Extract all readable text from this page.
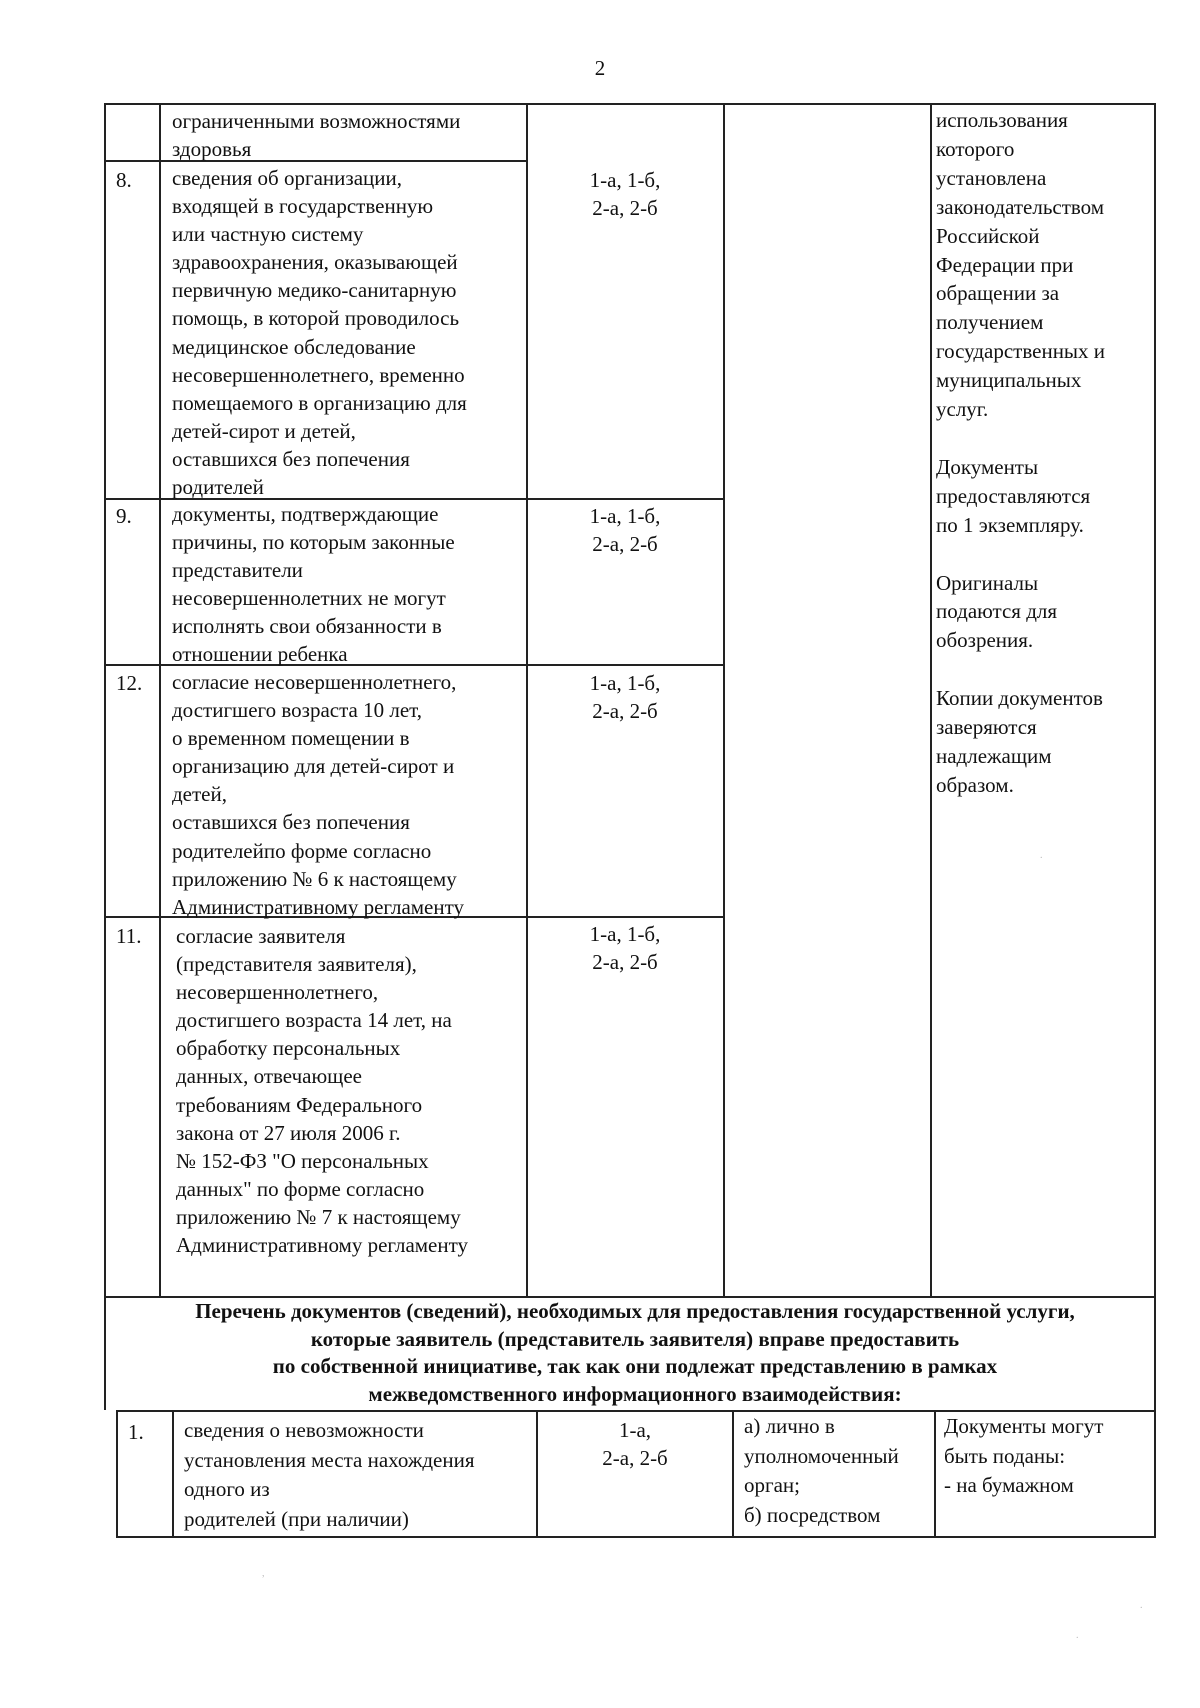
2
ограниченными возможностями
здоровья
8. сведения об организации,
входящей в государственную
или частную систему
здравоохранения, оказывающей
первичную медико-санитарную
помощь, в которой проводилось
медицинское обследование
несовершеннолетнего, временно
помещаемого в организацию для
детей-сирот и детей,
оставшихся без попечения
родителей
1-а, 1-б,
2-а, 2-б
9. документы, подтверждающие
причины, по которым законные
представители
несовершеннолетних не могут
исполнять свои обязанности в
отношении ребенка
1-а, 1-б,
2-а, 2-б
12. согласие несовершеннолетнего,
достигшего возраста 10 лет,
о временном помещении в
организацию для детей-сирот и
детей,
оставшихся без попечения
родителейпо форме согласно
приложению № 6 к настоящему
Административному регламенту
1-а, 1-б,
2-а, 2-б
11. согласие заявителя
(представителя заявителя),
несовершеннолетнего,
достигшего возраста 14 лет, на
обработку персональных
данных, отвечающее
требованиям Федерального
закона от 27 июля 2006 г.
№ 152-ФЗ "О персональных
данных" по форме согласно
приложению № 7 к настоящему
Административному регламенту
1-а, 1-б,
2-а, 2-б
использования
которого
установлена
законодательством
Российской
Федерации при
обращении за
получением
государственных и
муниципальных
услуг.

Документы
предоставляются
по 1 экземпляру.

Оригиналы
подаются для
обозрения.

Копии документов
заверяются
надлежащим
образом.
Перечень документов (сведений), необходимых для предоставления государственной услуги,
которые заявитель (представитель заявителя) вправе предоставить
по собственной инициативе, так как они подлежат представлению в рамках
межведомственного информационного взаимодействия:
1. сведения о невозможности
установления места нахождения
одного из
родителей (при наличии)
1-а,
2-а, 2-б
а) лично в
уполномоченный
орган;
б) посредством
Документы могут
быть поданы:
- на бумажном
,
.
.
.
